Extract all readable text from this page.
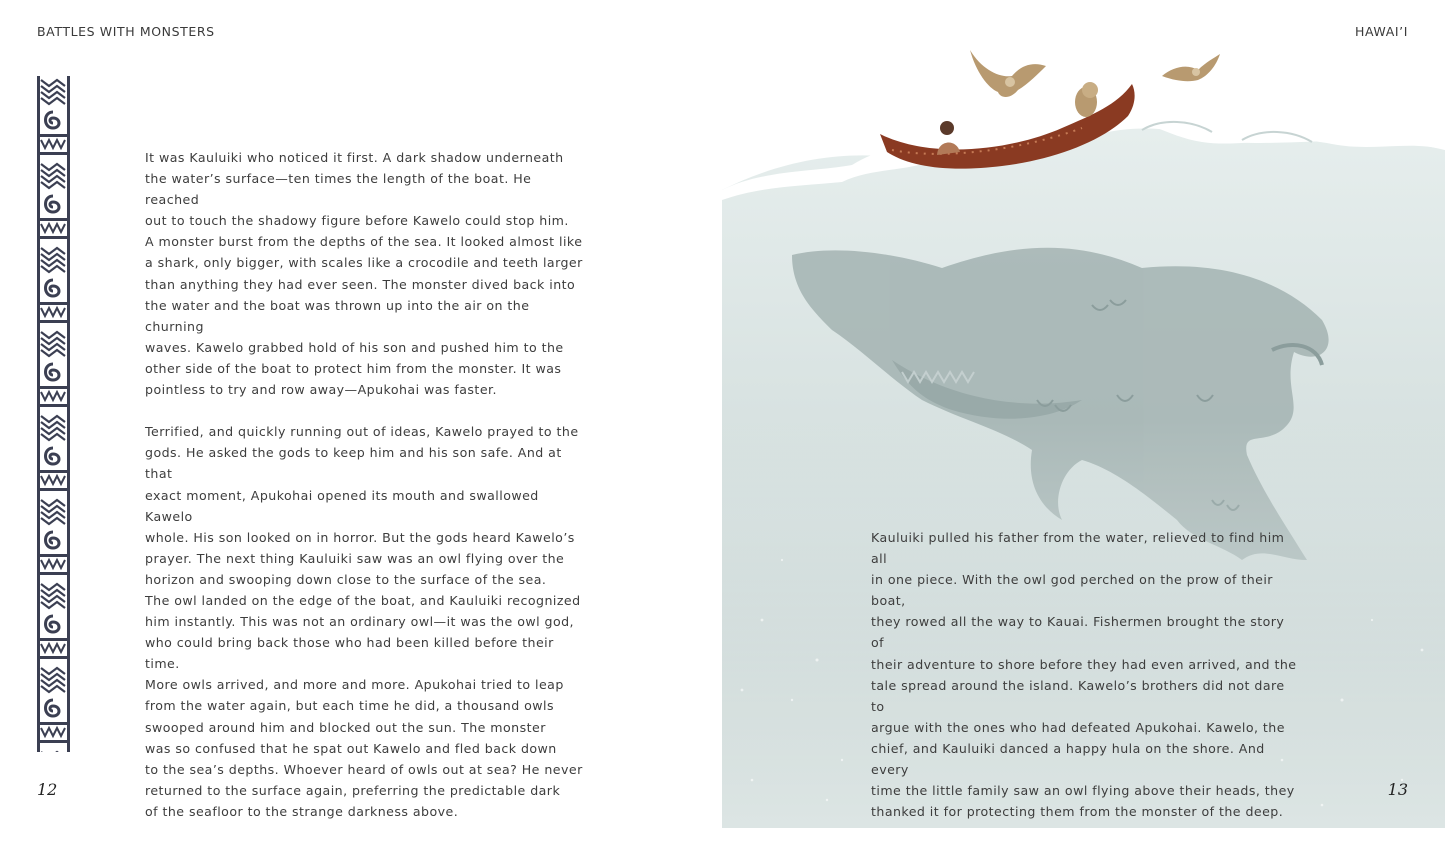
BATTLES WITH MONSTERS

It was Kauluiki who noticed it first. A dark shadow underneath
the water’s surface—ten times the length of the boat. He reached
out to touch the shadowy figure before Kawelo could stop him.
A monster burst from the depths of the sea. It looked almost like
a shark, only bigger, with scales like a crocodile and teeth larger
than anything they had ever seen. The monster dived back into
the water and the boat was thrown up into the air on the churning
waves. Kawelo grabbed hold of his son and pushed him to the
other side of the boat to protect him from the monster. It was
pointless to try and row away—Apukohai was faster.

Terrified, and quickly running out of ideas, Kawelo prayed to the
gods. He asked the gods to keep him and his son safe. And at that
exact moment, Apukohai opened its mouth and swallowed Kawelo
whole. His son looked on in horror. But the gods heard Kawelo’s
prayer. The next thing Kauluiki saw was an owl flying over the
horizon and swooping down close to the surface of the sea.
The owl landed on the edge of the boat, and Kauluiki recognized
him instantly. This was not an ordinary owl—it was the owl god,
who could bring back those who had been killed before their time.
More owls arrived, and more and more. Apukohai tried to leap
from the water again, but each time he did, a thousand owls
swooped around him and blocked out the sun. The monster
was so confused that he spat out Kawelo and fled back down
to the sea’s depths. Whoever heard of owls out at sea? He never
returned to the surface again, preferring the predictable dark
of the seafloor to the strange darkness above.

12
HAWAI’I

Kauluiki pulled his father from the water, relieved to find him all
in one piece. With the owl god perched on the prow of their boat,
they rowed all the way to Kauai. Fishermen brought the story of
their adventure to shore before they had even arrived, and the
tale spread around the island. Kawelo’s brothers did not dare to
argue with the ones who had defeated Apukohai. Kawelo, the
chief, and Kauluiki danced a happy hula on the shore. And every
time the little family saw an owl flying above their heads, they
thanked it for protecting them from the monster of the deep.

13
